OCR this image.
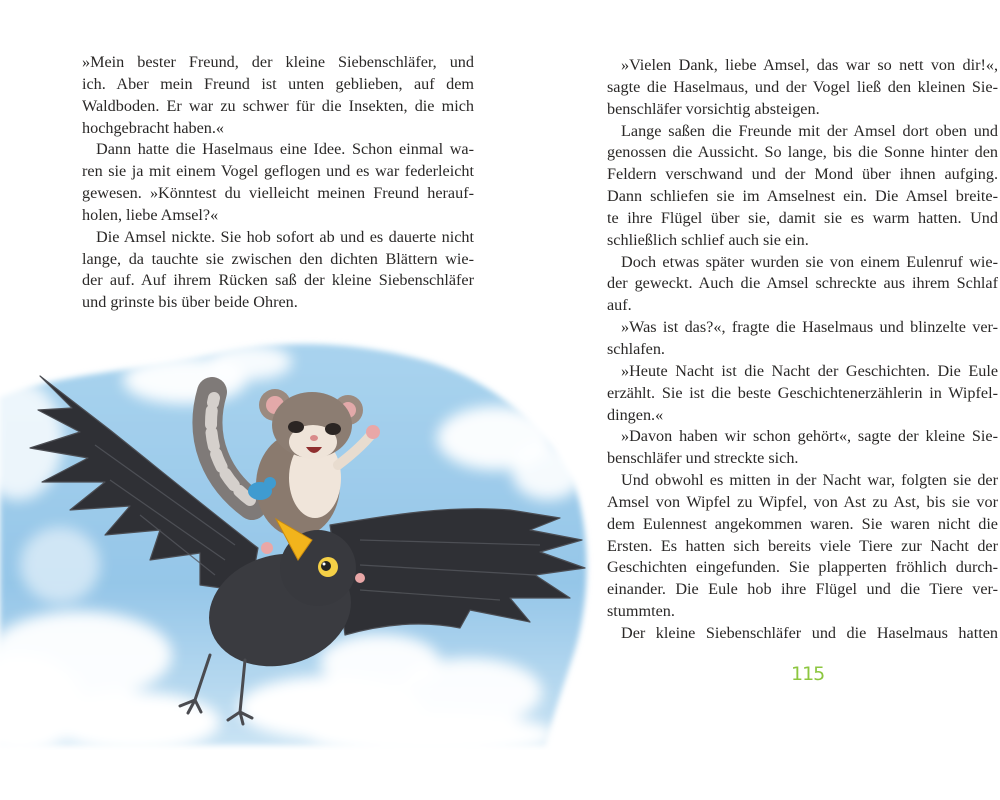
»Mein bester Freund, der kleine Siebenschläfer, und
ich. Aber mein Freund ist unten geblieben, auf dem
Waldboden. Er war zu schwer für die Insekten, die mich
hochgebracht haben.«
Dann hatte die Haselmaus eine Idee. Schon einmal wa-
ren sie ja mit einem Vogel geflogen und es war federleicht
gewesen. »Könntest du vielleicht meinen Freund herauf-
holen, liebe Amsel?«
Die Amsel nickte. Sie hob sofort ab und es dauerte nicht
lange, da tauchte sie zwischen den dichten Blättern wie-
der auf. Auf ihrem Rücken saß der kleine Siebenschläfer
und grinste bis über beide Ohren.
»Vielen Dank, liebe Amsel, das war so nett von dir!«,
sagte die Haselmaus, und der Vogel ließ den kleinen Sie-
benschläfer vorsichtig absteigen.
Lange saßen die Freunde mit der Amsel dort oben und
genossen die Aussicht. So lange, bis die Sonne hinter den
Feldern verschwand und der Mond über ihnen aufging.
Dann schliefen sie im Amselnest ein. Die Amsel breite-
te ihre Flügel über sie, damit sie es warm hatten. Und
schließlich schlief auch sie ein.
Doch etwas später wurden sie von einem Eulenruf wie-
der geweckt. Auch die Amsel schreckte aus ihrem Schlaf
auf.
»Was ist das?«, fragte die Haselmaus und blinzelte ver-
schlafen.
»Heute Nacht ist die Nacht der Geschichten. Die Eule
erzählt. Sie ist die beste Geschichtenerzählerin in Wipfel-
dingen.«
»Davon haben wir schon gehört«, sagte der kleine Sie-
benschläfer und streckte sich.
Und obwohl es mitten in der Nacht war, folgten sie der
Amsel von Wipfel zu Wipfel, von Ast zu Ast, bis sie vor
dem Eulennest angekommen waren. Sie waren nicht die
Ersten. Es hatten sich bereits viele Tiere zur Nacht der
Geschichten eingefunden. Sie plapperten fröhlich durch-
einander. Die Eule hob ihre Flügel und die Tiere ver-
stummten.
Der kleine Siebenschläfer und die Haselmaus hatten
115
